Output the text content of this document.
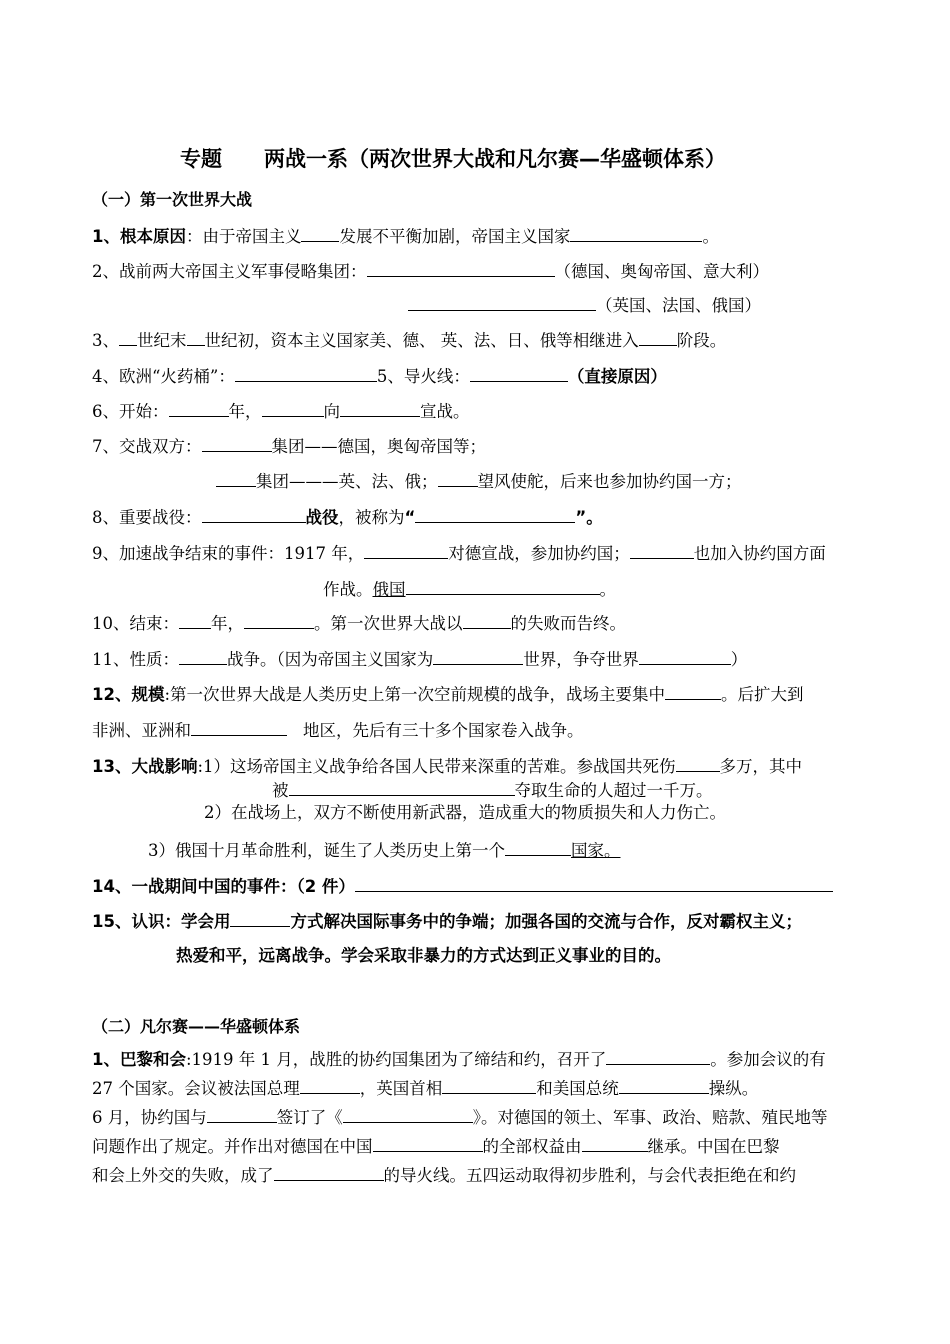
专题 两战一系（两次世界大战和凡尔赛—华盛顿体系）
（一）第一次世界大战
1、根本原因：由于帝国主义 发展不平衡加剧，帝国主义国家	。
2、战前两大帝国主义军事侵略集团：	（德国、奥匈帝国、意大利）
（英国、法国、俄国）
3、 世纪末 世纪初，资本主义国家美、德、 英、法、日、俄等相继进入 阶段。
4、欧洲“火药桶”：	5、导火线：	（直接原因）
6、开始：	年，	向	宣战。
7、交战双方：	集团——德国，奥匈帝国等；
集团———英、法、俄； 望风使舵，后来也参加协约国一方；
8、重要战役：	战役，被称为“	”。
9、加速战争结束的事件：1917 年，	对德宣战，参加协约国；	也加入协约国方面
作战。俄国	。
10、结束： 年，	。第一次世界大战以	的失败而告终。
11、性质：	战争。（因为帝国主义国家为	世界，争夺世界	）
12、规模:第一次世界大战是人类历史上第一次空前规模的战争，战场主要集中	。后扩大到
非洲、亚洲和	地区，先后有三十多个国家卷入战争。
13、大战影响:1）这场帝国主义战争给各国人民带来深重的苦难。参战国共死伤	多万，其中
被	夺取生命的人超过一千万。
2）在战场上，双方不断使用新武器，造成重大的物质损失和人力伤亡。
3）俄国十月革命胜利，诞生了人类历史上第一个	国家。
14、一战期间中国的事件：（2 件）
15、认识：学会用	方式解决国际事务中的争端；加强各国的交流与合作，反对霸权主义；
热爱和平，远离战争。学会采取非暴力的方式达到正义事业的目的。
（二）凡尔赛——华盛顿体系
1、巴黎和会:1919 年 1 月，战胜的协约国集团为了缔结和约，召开了	。参加会议的有
27 个国家。会议被法国总理	，英国首相	和美国总统	操纵。
6 月，协约国与	签订了《	》。对德国的领土、军事、政治、赔款、殖民地等
问题作出了规定。并作出对德国在中国	的全部权益由	继承。中国在巴黎
和会上外交的失败，成了	的导火线。五四运动取得初步胜利，与会代表拒绝在和约
